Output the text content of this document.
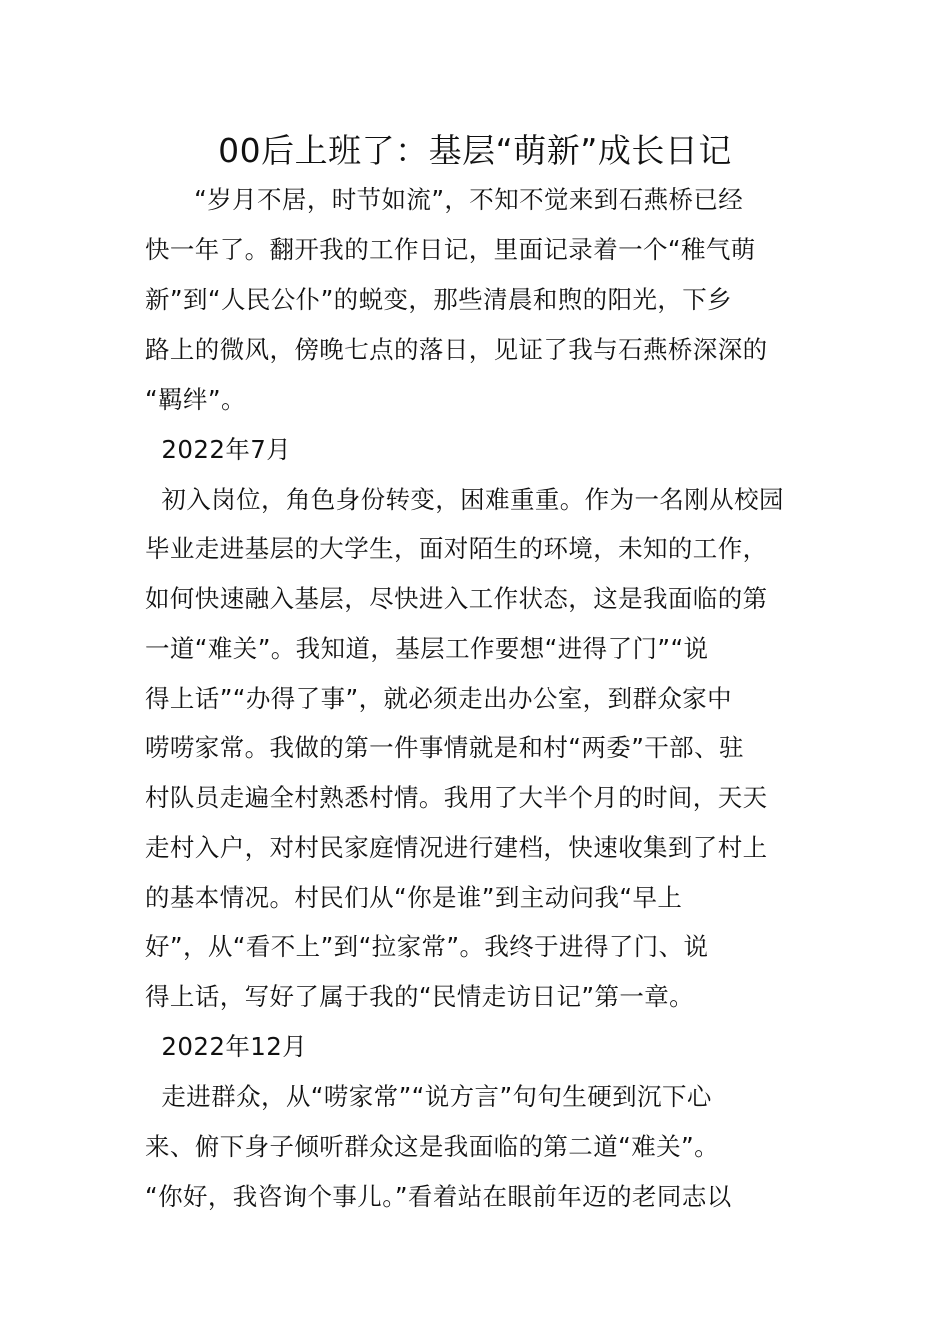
00后上班了：基层“萌新”成长日记
“岁月不居，时节如流”，不知不觉来到石燕桥已经
快一年了。翻开我的工作日记，里面记录着一个“稚气萌
新”到“人民公仆”的蜕变，那些清晨和煦的阳光，下乡
路上的微风，傍晚七点的落日，见证了我与石燕桥深深的
“羁绊”。
2022年7月
初入岗位，角色身份转变，困难重重。作为一名刚从校园
毕业走进基层的大学生，面对陌生的环境，未知的工作，
如何快速融入基层，尽快进入工作状态，这是我面临的第
一道“难关”。我知道，基层工作要想“进得了门”“说
得上话”“办得了事”，就必须走出办公室，到群众家中
唠唠家常。我做的第一件事情就是和村“两委”干部、驻
村队员走遍全村熟悉村情。我用了大半个月的时间，天天
走村入户，对村民家庭情况进行建档，快速收集到了村上
的基本情况。村民们从“你是谁”到主动问我“早上
好”，从“看不上”到“拉家常”。我终于进得了门、说
得上话，写好了属于我的“民情走访日记”第一章。
2022年12月
走进群众，从“唠家常”“说方言”句句生硬到沉下心
来、俯下身子倾听群众这是我面临的第二道“难关”。
“你好，我咨询个事儿。”看着站在眼前年迈的老同志以
